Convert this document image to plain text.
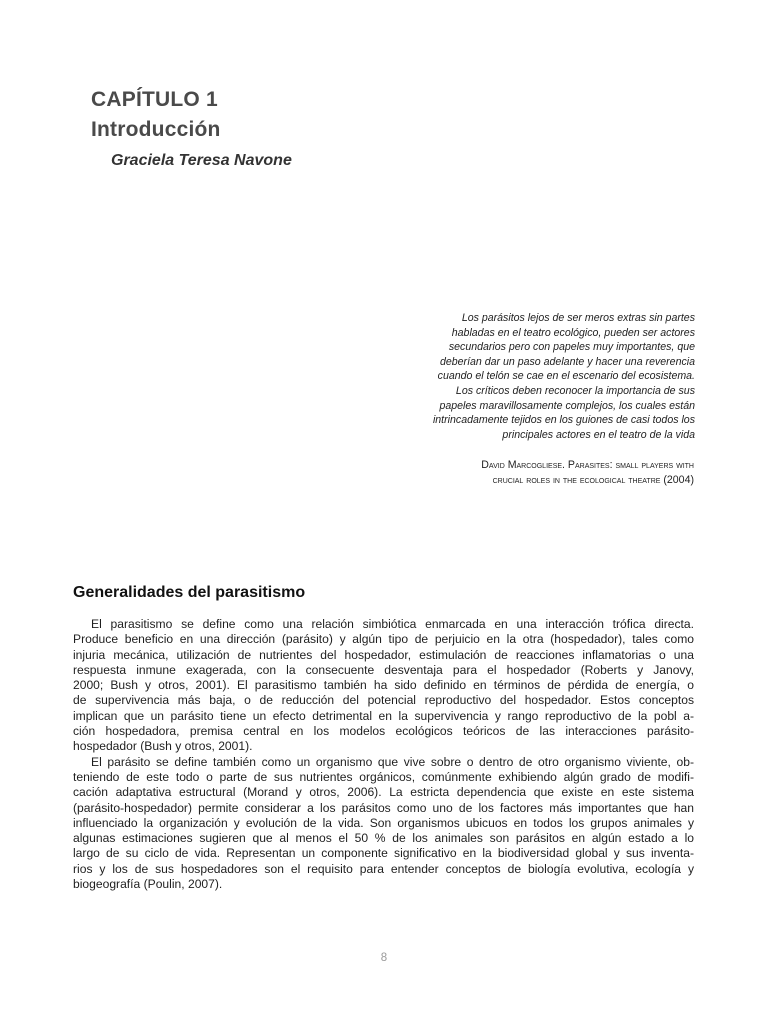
CAPÍTULO 1
Introducción
Graciela Teresa Navone
Los parásitos lejos de ser meros extras sin partes
habladas en el teatro ecológico, pueden ser actores
secundarios pero con papeles muy importantes, que
deberían dar un paso adelante y hacer una reverencia
cuando el telón se cae en el escenario del ecosistema.
Los críticos deben reconocer la importancia de sus
papeles maravillosamente complejos, los cuales están
intrincadamente tejidos en los guiones de casi todos los
principales actores en el teatro de la vida
David Marcogliese. Parasites: small players with
crucial roles in the ecological theatre (2004)
Generalidades del parasitismo
El parasitismo se define como una relación simbiótica enmarcada en una interacción trófica directa.
Produce beneficio en una dirección (parásito) y algún tipo de perjuicio en la otra (hospedador), tales como
injuria mecánica, utilización de nutrientes del hospedador, estimulación de reacciones inflamatorias o una
respuesta inmune exagerada, con la consecuente desventaja para el hospedador (Roberts y Janovy,
2000; Bush y otros, 2001). El parasitismo también ha sido definido en términos de pérdida de energía, o
de supervivencia más baja, o de reducción del potencial reproductivo del hospedador. Estos conceptos
implican que un parásito tiene un efecto detrimental en la supervivencia y rango reproductivo de la pobl a-
ción hospedadora, premisa central en los modelos ecológicos teóricos de las interacciones parásito-
hospedador (Bush y otros, 2001).
El parásito se define también como un organismo que vive sobre o dentro de otro organismo viviente, ob-
teniendo de este todo o parte de sus nutrientes orgánicos, comúnmente exhibiendo algún grado de modifi-
cación adaptativa estructural (Morand y otros, 2006). La estricta dependencia que existe en este sistema
(parásito-hospedador) permite considerar a los parásitos como uno de los factores más importantes que han
influenciado la organización y evolución de la vida. Son organismos ubicuos en todos los grupos animales y
algunas estimaciones sugieren que al menos el 50 % de los animales son parásitos en algún estado a lo
largo de su ciclo de vida. Representan un componente significativo en la biodiversidad global y sus inventa-
rios y los de sus hospedadores son el requisito para entender conceptos de biología evolutiva, ecología y
biogeografía (Poulin, 2007).
8
